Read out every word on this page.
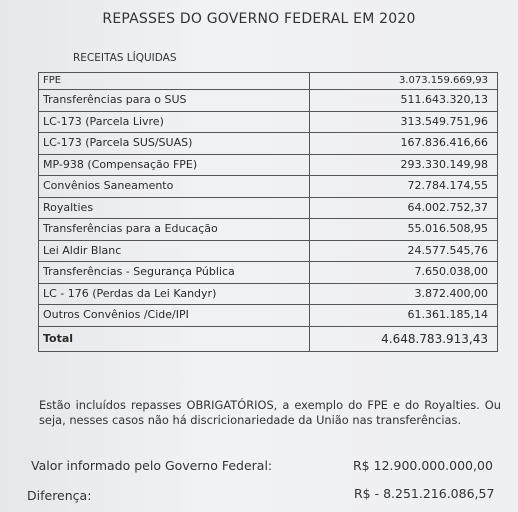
REPASSES DO GOVERNO FEDERAL EM 2020
RECEITAS LÍQUIDAS
FPE	3.073.159.669,93
Transferências para o SUS	511.643.320,13
LC-173 (Parcela Livre)	313.549.751,96
LC-173 (Parcela SUS/SUAS)	167.836.416,66
MP-938 (Compensação FPE)	293.330.149,98
Convênios Saneamento	72.784.174,55
Royalties	64.002.752,37
Transferências para a Educação	55.016.508,95
Lei Aldir Blanc	24.577.545,76
Transferências - Segurança Pública	7.650.038,00
LC - 176 (Perdas da Lei Kandyr)	3.872.400,00
Outros Convênios /Cide/IPI	61.361.185,14
Total	4.648.783.913,43
Estão incluídos repasses OBRIGATÓRIOS, a exemplo do FPE e do Royalties. Ou seja, nesses casos não há discricionariedade da União nas transferências.
Valor informado pelo Governo Federal:	R$ 12.900.000.000,00
Diferença:	R$ - 8.251.216.086,57
